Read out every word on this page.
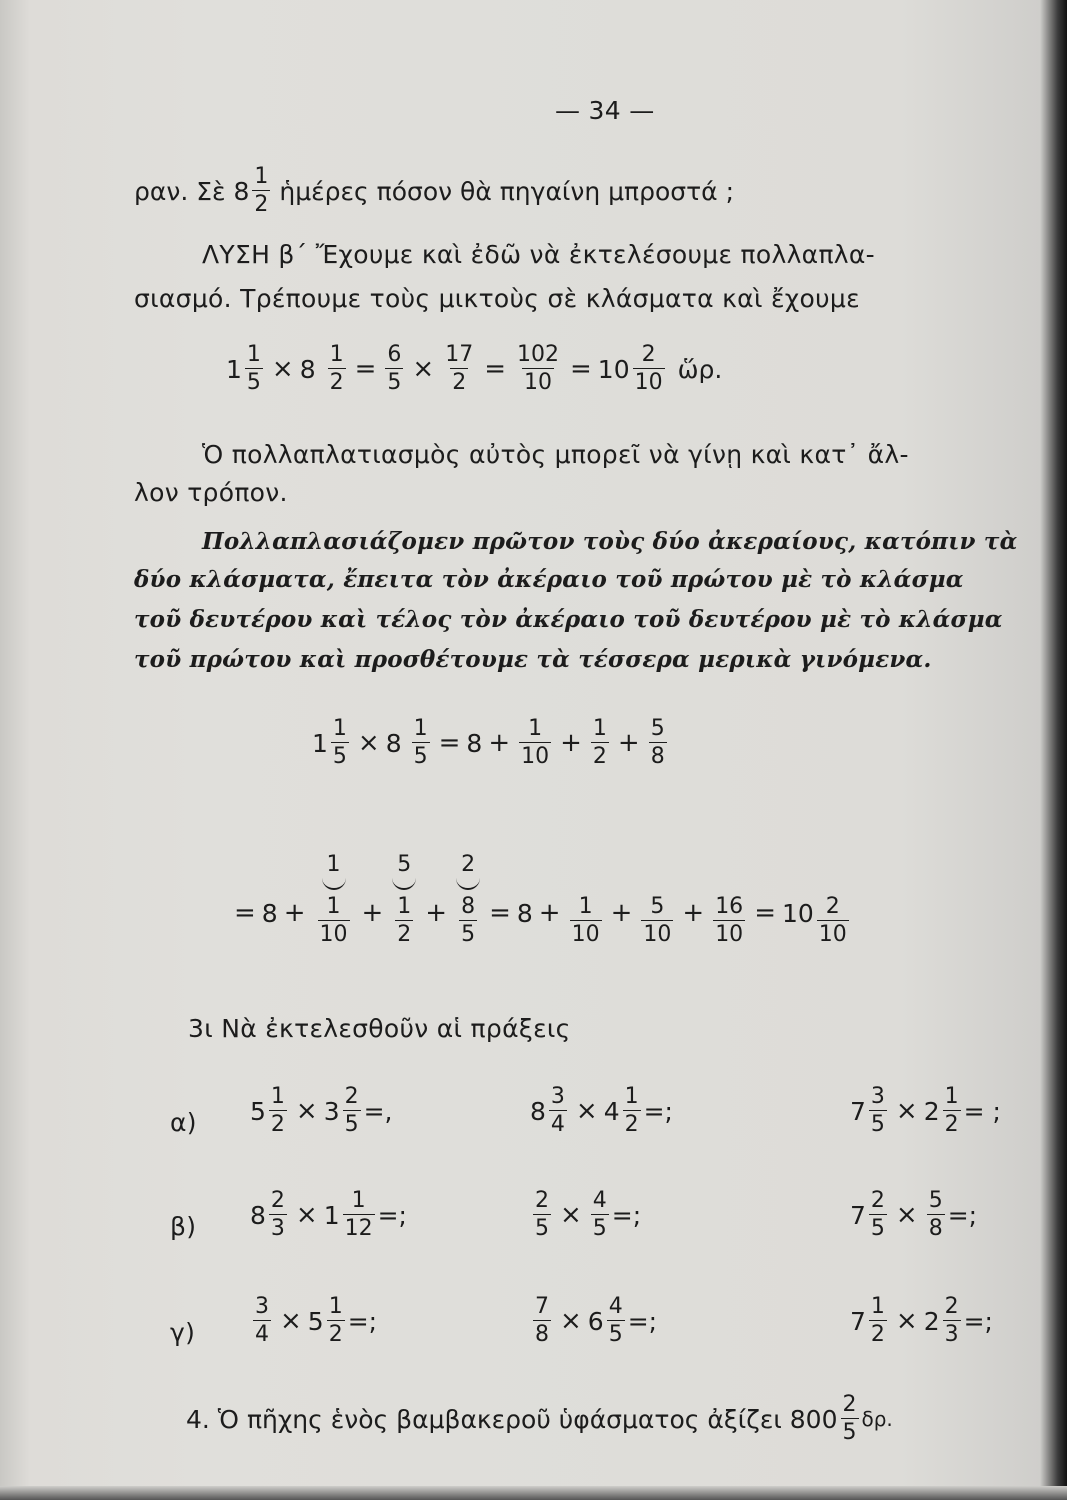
— 34 —
ραν. Σὲ $8 \frac{1}{2}$ ἡμέρες πόσον θὰ πηγαίνη μπροστά ;
ΛΥΣΗ β΄ Ἔχουμε καὶ ἐδῶ νὰ ἐκτελέσουμε πολλαπλα-
σιασμό. Τρέπουμε τοὺς μικτοὺς σὲ κλάσματα καὶ ἔχουμε
$1 \frac{1}{5} \times 8 \frac{1}{2} = \frac{6}{5} \times \frac{17}{2} = \frac{102}{10} = 10 \frac{2}{10}$ ὥρ.
Ὁ πολλαπλατιασμὸς αὐτὸς μπορεῖ νὰ γίνῃ καὶ κατ᾿ ἄλ-
λον τρόπον.
Πολλαπλασιάζομεν πρῶτον τοὺς δύο ἀκεραίους, κατόπιν τὰ
δύο κλάσματα, ἔπειτα τὸν ἀκέραιο τοῦ πρώτου μὲ τὸ κλάσμα
τοῦ δευτέρου καὶ τέλος τὸν ἀκέραιο τοῦ δευτέρου μὲ τὸ κλάσμα
τοῦ πρώτου καὶ προσθέτουμε τὰ τέσσερα μερικὰ γινόμενα.
$1 \frac{1}{5} \times 8 \frac{1}{5} = 8 + \frac{1}{10} + \frac{1}{2} + \frac{5}{8}$
= 8 +
1
$\frac{1}{10}$ +
5
$\frac{1}{2}$ +
2
$\frac{8}{5} = 8 + \frac{1}{10} + \frac{5}{10} + \frac{16}{10} = 10 \frac{2}{10}$
3ι Νὰ ἐκτελεσθοῦν αἱ πράξεις
α) $5 \frac{1}{2} \times 3 \frac{2}{5}$ =,	$8 \frac{3}{4} \times 4 \frac{1}{2}$ =;	$7 \frac{3}{5} \times 2 \frac{1}{2}$ = ;
β) $8 \frac{2}{3} \times 1 \frac{1}{12}$ =;	$\frac{2}{5} \times \frac{4}{5}$ =;	$7 \frac{2}{5} \times \frac{5}{8}$ =;
γ)	$\frac{3}{4} \times 5 \frac{1}{2}$ =;	$\frac{7}{8} \times 6 \frac{4}{5}$ =;	$7 \frac{1}{2} \times 2 \frac{2}{3}$ =;
4. Ὁ πῆχης ἑνὸς βαμβακεροῦ ὑφάσματος ἀξίζει $800 \frac{2}{5} \delta\rho$.
